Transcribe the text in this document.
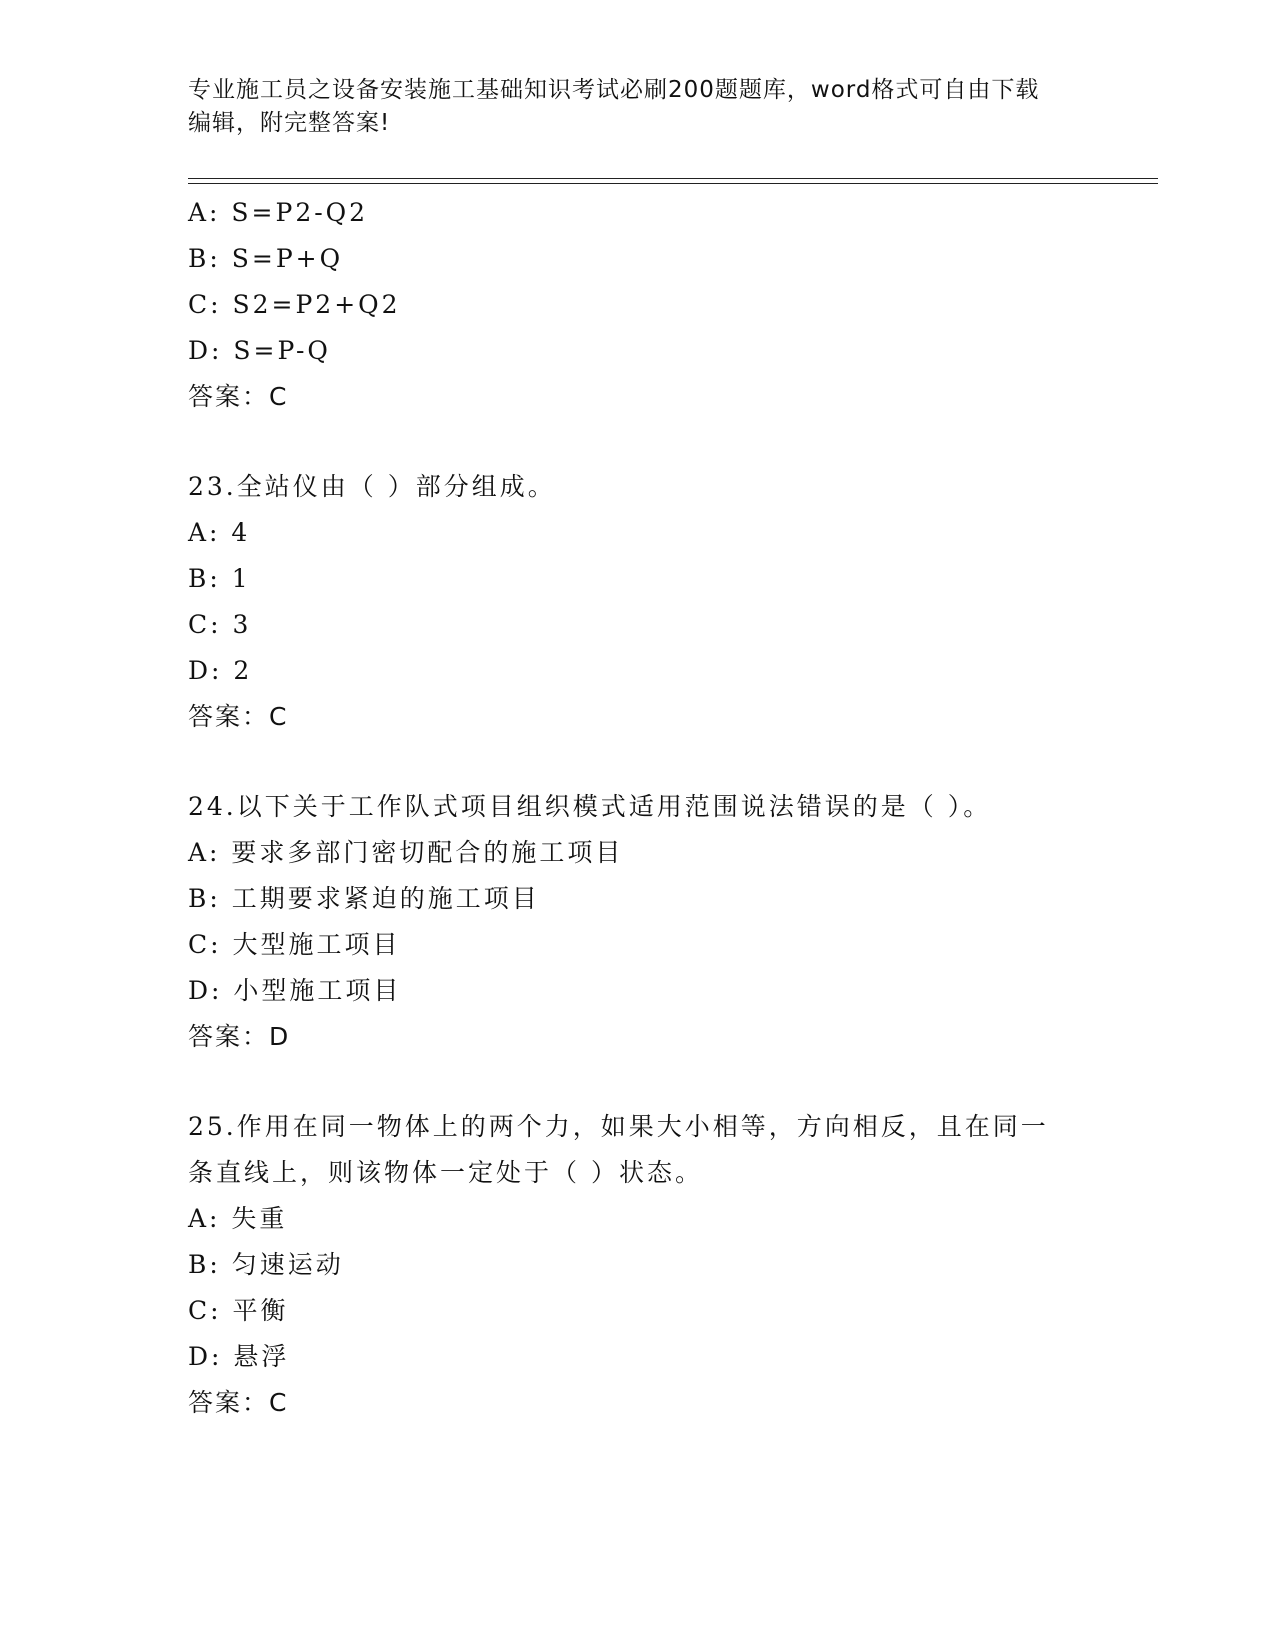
专业施工员之设备安装施工基础知识考试必刷200题题库，word格式可自由下载
编辑，附完整答案!
A: S=P2-Q2
B: S=P+Q
C: S2=P2+Q2
D: S=P-Q
答案：C
23.全站仪由（ ）部分组成。
A: 4
B: 1
C: 3
D: 2
答案：C
24.以下关于工作队式项目组织模式适用范围说法错误的是（ ）。
A: 要求多部门密切配合的施工项目
B: 工期要求紧迫的施工项目
C: 大型施工项目
D: 小型施工项目
答案：D
25.作用在同一物体上的两个力，如果大小相等，方向相反，且在同一
条直线上，则该物体一定处于（ ）状态。
A: 失重
B: 匀速运动
C: 平衡
D: 悬浮
答案：C
